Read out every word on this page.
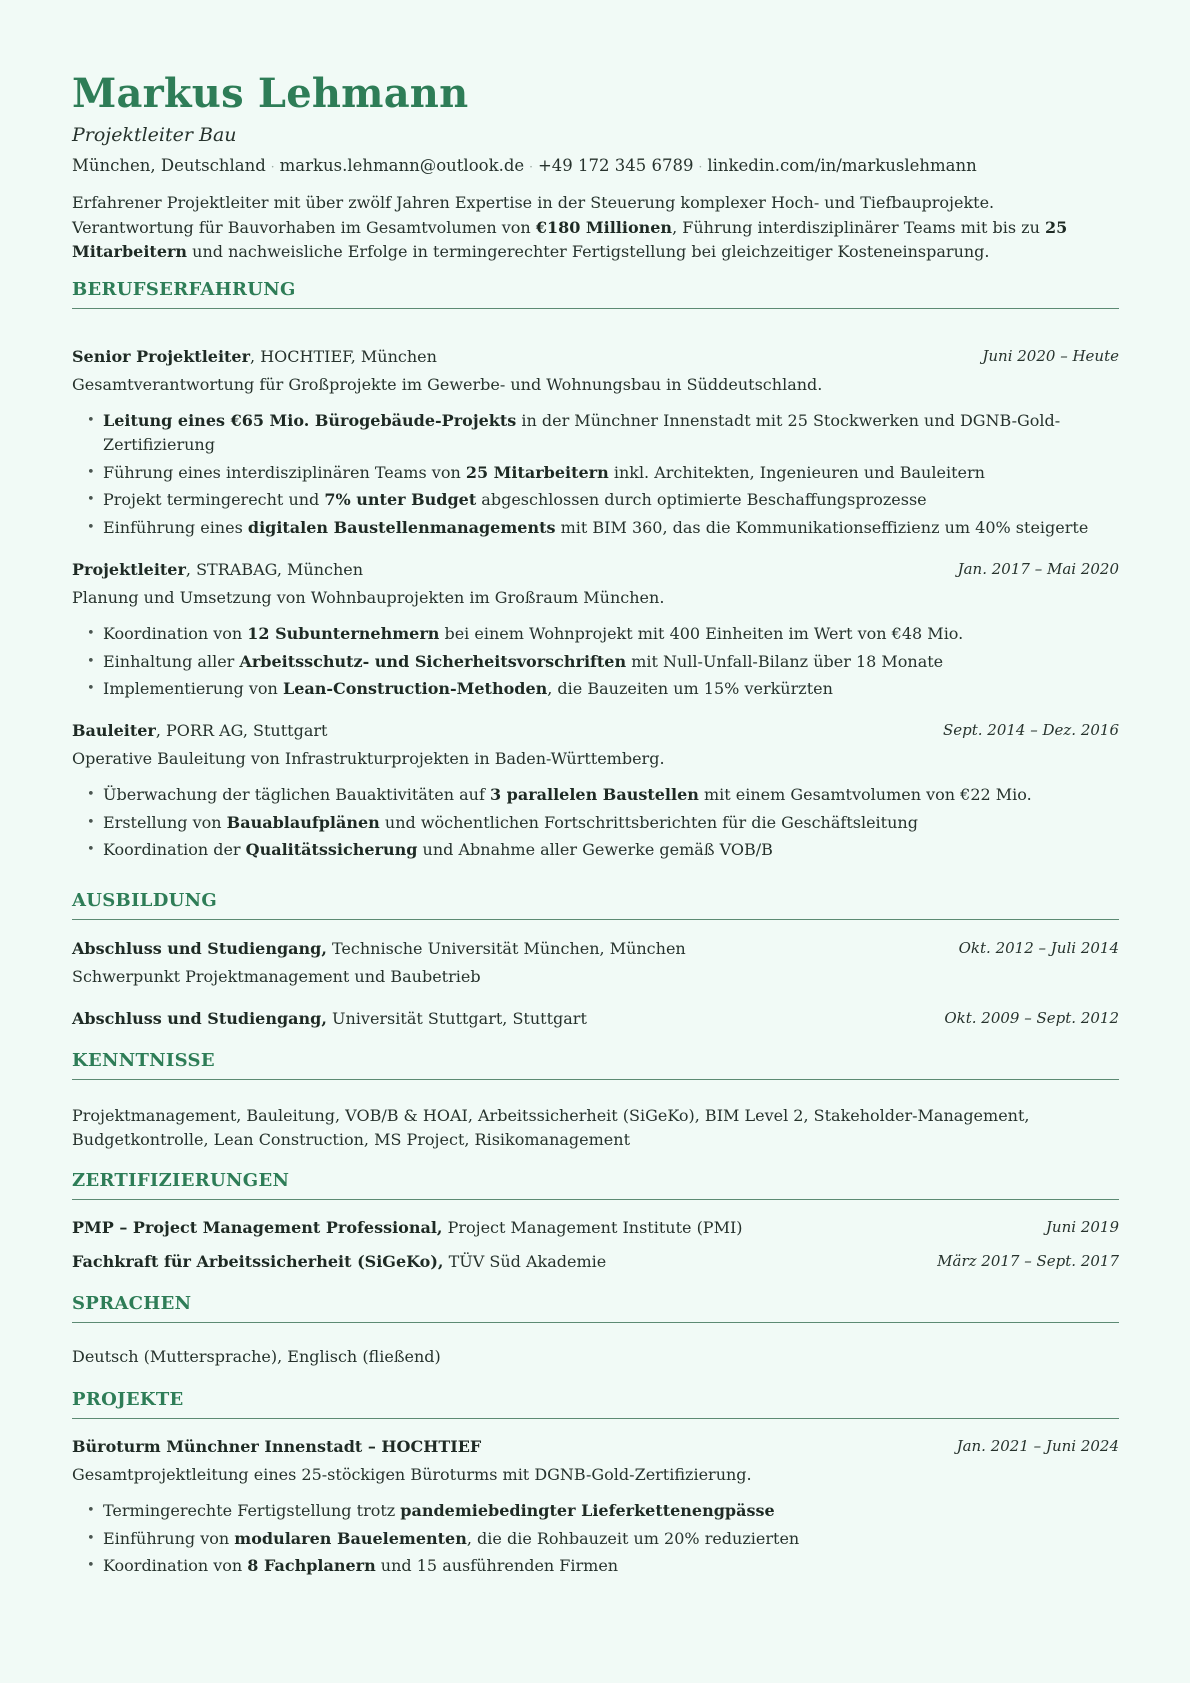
Markus Lehmann
Projektleiter Bau
München, Deutschland · markus.lehmann@outlook.de · +49 172 345 6789 · linkedin.com/in/markuslehmann
Erfahrener Projektleiter mit über zwölf Jahren Expertise in der Steuerung komplexer Hoch- und Tiefbauprojekte. Verantwortung für Bauvorhaben im Gesamtvolumen von €180 Millionen, Führung interdisziplinärer Teams mit bis zu 25 Mitarbeitern und nachweisliche Erfolge in termingerechter Fertigstellung bei gleichzeitiger Kosteneinsparung.
BERUFSERFAHRUNG
Senior Projektleiter, HOCHTIEF, München	Juni 2020 – Heute
Gesamtverantwortung für Großprojekte im Gewerbe- und Wohnungsbau in Süddeutschland.
• Leitung eines €65 Mio. Bürogebäude-Projekts in der Münchner Innenstadt mit 25 Stockwerken und DGNB-Gold-Zertifizierung
• Führung eines interdisziplinären Teams von 25 Mitarbeitern inkl. Architekten, Ingenieuren und Bauleitern
• Projekt termingerecht und 7% unter Budget abgeschlossen durch optimierte Beschaffungsprozesse
• Einführung eines digitalen Baustellenmanagements mit BIM 360, das die Kommunikationseffizienz um 40% steigerte
Projektleiter, STRABAG, München	Jan. 2017 – Mai 2020
Planung und Umsetzung von Wohnbauprojekten im Großraum München.
• Koordination von 12 Subunternehmern bei einem Wohnprojekt mit 400 Einheiten im Wert von €48 Mio.
• Einhaltung aller Arbeitsschutz- und Sicherheitsvorschriften mit Null-Unfall-Bilanz über 18 Monate
• Implementierung von Lean-Construction-Methoden, die Bauzeiten um 15% verkürzten
Bauleiter, PORR AG, Stuttgart	Sept. 2014 – Dez. 2016
Operative Bauleitung von Infrastrukturprojekten in Baden-Württemberg.
• Überwachung der täglichen Bauaktivitäten auf 3 parallelen Baustellen mit einem Gesamtvolumen von €22 Mio.
• Erstellung von Bauablaufplänen und wöchentlichen Fortschrittsberichten für die Geschäftsleitung
• Koordination der Qualitätssicherung und Abnahme aller Gewerke gemäß VOB/B
AUSBILDUNG
Abschluss und Studiengang, Technische Universität München, München	Okt. 2012 – Juli 2014
Schwerpunkt Projektmanagement und Baubetrieb
Abschluss und Studiengang, Universität Stuttgart, Stuttgart	Okt. 2009 – Sept. 2012
KENNTNISSE
Projektmanagement, Bauleitung, VOB/B & HOAI, Arbeitssicherheit (SiGeKo), BIM Level 2, Stakeholder-Management, Budgetkontrolle, Lean Construction, MS Project, Risikomanagement
ZERTIFIZIERUNGEN
PMP – Project Management Professional, Project Management Institute (PMI)	Juni 2019
Fachkraft für Arbeitssicherheit (SiGeKo), TÜV Süd Akademie	März 2017 – Sept. 2017
SPRACHEN
Deutsch (Muttersprache), Englisch (fließend)
PROJEKTE
Büroturm Münchner Innenstadt – HOCHTIEF	Jan. 2021 – Juni 2024
Gesamtprojektleitung eines 25-stöckigen Büroturms mit DGNB-Gold-Zertifizierung.
• Termingerechte Fertigstellung trotz pandemiebedingter Lieferkettenengpässe
• Einführung von modularen Bauelementen, die die Rohbauzeit um 20% reduzierten
• Koordination von 8 Fachplanern und 15 ausführenden Firmen
